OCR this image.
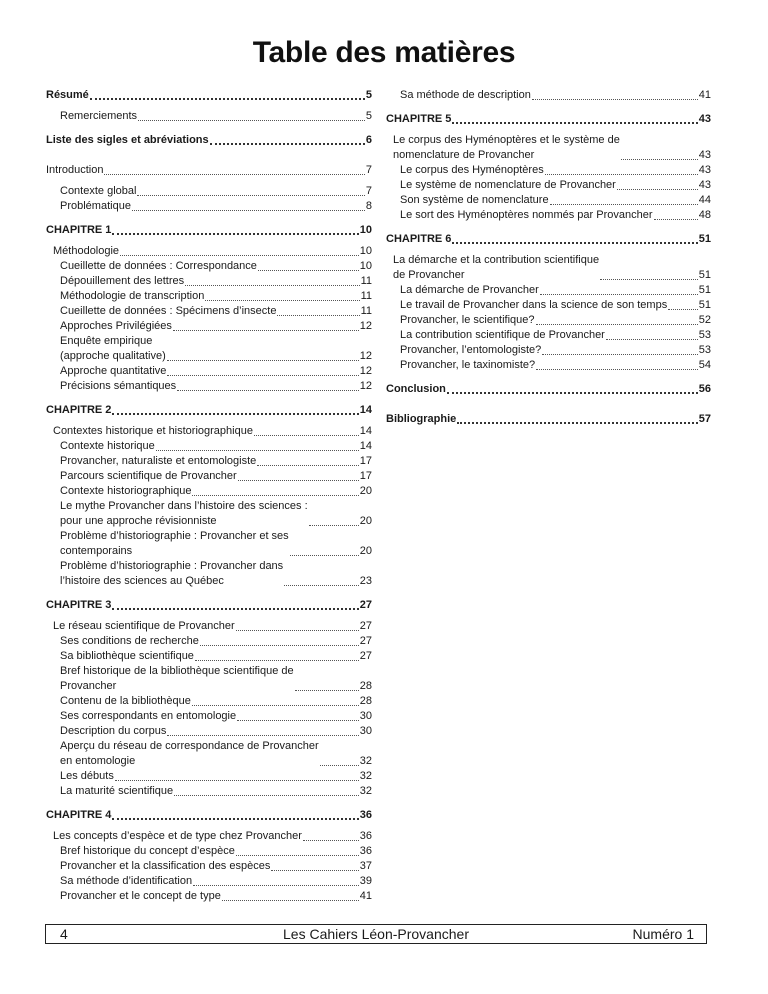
Table des matières
Résumé	5
Remerciements	5
Liste des sigles et abréviations	6
Introduction	7
Contexte global	7
Problématique	8
CHAPITRE 1	10
Méthodologie	10
Cueillette de données : Correspondance	10
Dépouillement des lettres	11
Méthodologie de transcription	11
Cueillette de données : Spécimens d’insecte	11
Approches Privilégiées	12
Enquête empirique
(approche qualitative)	12
Approche quantitative	12
Précisions sémantiques	12
CHAPITRE 2	14
Contextes historique et historiographique	14
Contexte historique	14
Provancher, naturaliste et entomologiste	17
Parcours scientifique de Provancher	17
Contexte historiographique	20
Le mythe Provancher dans l’histoire des sciences :
pour une approche révisionniste	20
Problème d’historiographie : Provancher et ses
contemporains	20
Problème d’historiographie : Provancher dans
l’histoire des sciences au Québec	23
CHAPITRE 3	27
Le réseau scientifique de Provancher	27
Ses conditions de recherche	27
Sa bibliothèque scientifique	27
Bref historique de la bibliothèque scientifique de
Provancher	28
Contenu de la bibliothèque	28
Ses correspondants en entomologie	30
Description du corpus	30
Aperçu du réseau de correspondance de Provancher
en entomologie	32
Les débuts	32
La maturité scientifique	32
CHAPITRE 4	36
Les concepts d’espèce et de type chez Provancher	36
Bref historique du concept d’espèce	36
Provancher et la classification des espèces	37
Sa méthode d’identification	39
Provancher et le concept de type	41
Sa méthode de description	41
CHAPITRE 5	43
Le corpus des Hyménoptères et le système de
nomenclature de Provancher	43
Le corpus des Hyménoptères	43
Le système de nomenclature de Provancher	43
Son système de nomenclature	44
Le sort des Hyménoptères nommés par Provancher	48
CHAPITRE 6	51
La démarche et la contribution scientifique
de Provancher	51
La démarche de Provancher	51
Le travail de Provancher dans la science de son temps	51
Provancher, le scientifique?	52
La contribution scientifique de Provancher	53
Provancher, l’entomologiste?	53
Provancher, le taxinomiste?	54
Conclusion	56
Bibliographie	57
4	Les Cahiers Léon-Provancher	Numéro 1
